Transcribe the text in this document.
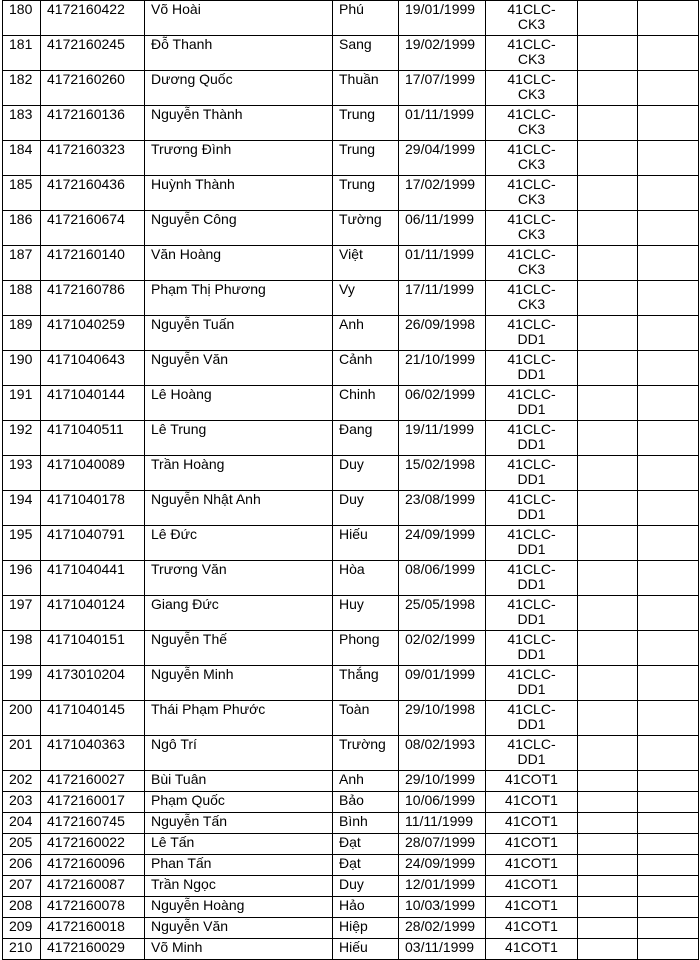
180	4172160422	Võ Hoài	Phú	19/01/1999	41CLC-
CK3		
181	4172160245	Đỗ Thanh	Sang	19/02/1999	41CLC-
CK3		
182	4172160260	Dương Quốc	Thuần	17/07/1999	41CLC-
CK3		
183	4172160136	Nguyễn Thành	Trung	01/11/1999	41CLC-
CK3		
184	4172160323	Trương Đình	Trung	29/04/1999	41CLC-
CK3		
185	4172160436	Huỳnh Thành	Trung	17/02/1999	41CLC-
CK3		
186	4172160674	Nguyễn Công	Tường	06/11/1999	41CLC-
CK3		
187	4172160140	Văn Hoàng	Việt	01/11/1999	41CLC-
CK3		
188	4172160786	Phạm Thị Phương	Vy	17/11/1999	41CLC-
CK3		
189	4171040259	Nguyễn Tuấn	Anh	26/09/1998	41CLC-
DD1		
190	4171040643	Nguyễn Văn	Cảnh	21/10/1999	41CLC-
DD1		
191	4171040144	Lê Hoàng	Chinh	06/02/1999	41CLC-
DD1		
192	4171040511	Lê Trung	Đang	19/11/1999	41CLC-
DD1		
193	4171040089	Trần Hoàng	Duy	15/02/1998	41CLC-
DD1		
194	4171040178	Nguyễn Nhật Anh	Duy	23/08/1999	41CLC-
DD1		
195	4171040791	Lê Đức	Hiếu	24/09/1999	41CLC-
DD1		
196	4171040441	Trương Văn	Hòa	08/06/1999	41CLC-
DD1		
197	4171040124	Giang Đức	Huy	25/05/1998	41CLC-
DD1		
198	4171040151	Nguyễn Thế	Phong	02/02/1999	41CLC-
DD1		
199	4173010204	Nguyễn Minh	Thắng	09/01/1999	41CLC-
DD1		
200	4171040145	Thái Phạm Phước	Toàn	29/10/1998	41CLC-
DD1		
201	4171040363	Ngô Trí	Trường	08/02/1993	41CLC-
DD1		
202	4172160027	Bùi Tuân	Anh	29/10/1999	41COT1		
203	4172160017	Phạm Quốc	Bảo	10/06/1999	41COT1		
204	4172160745	Nguyễn Tấn	Bình	11/11/1999	41COT1		
205	4172160022	Lê Tấn	Đạt	28/07/1999	41COT1		
206	4172160096	Phan Tấn	Đạt	24/09/1999	41COT1		
207	4172160087	Trần Ngọc	Duy	12/01/1999	41COT1		
208	4172160078	Nguyễn Hoàng	Hảo	10/03/1999	41COT1		
209	4172160018	Nguyễn Văn	Hiệp	28/02/1999	41COT1		
210	4172160029	Võ Minh	Hiếu	03/11/1999	41COT1		
